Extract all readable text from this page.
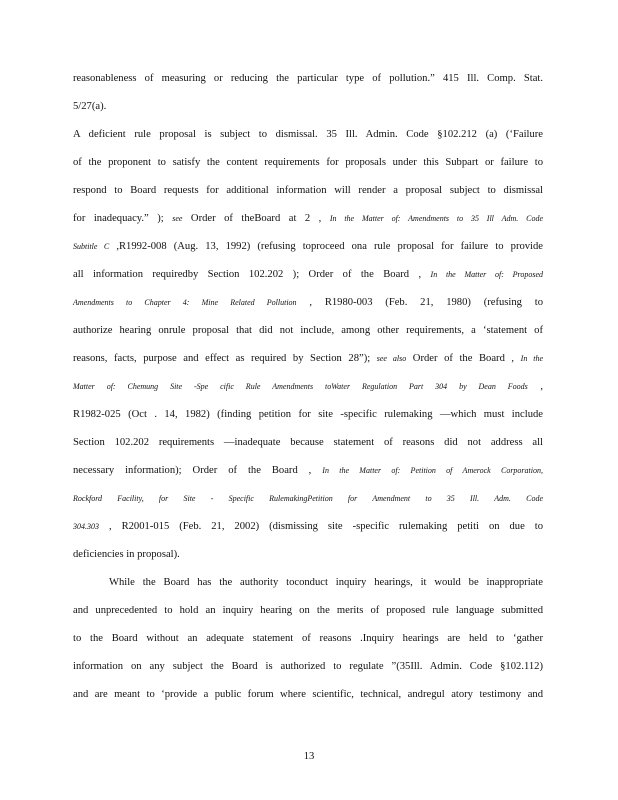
reasonableness of measuring or reducing the particular type of pollution.” 415 Ill. Comp. Stat.
5/27(a).
A deficient rule proposal is subject to dismissal. 35 Ill. Admin. Code §102.212 (a) (‘Failure
of the proponent to satisfy the content requirements for proposals under this Subpart or failure to
respond to Board requests for additional information will render a proposal subject to dismissal
for inadequacy.” ); see Order of theBoard at 2 , In the Matter of: Amendments to 35 Ill Adm. Code
Subtitle C ,R1992-008 (Aug. 13, 1992) (refusing toproceed ona rule proposal for failure to provide
all information requiredby Section 102.202 ); Order of the Board , In the Matter of: Proposed
Amendments to Chapter 4: Mine Related Pollution , R1980-003 (Feb. 21, 1980) (refusing to
authorize hearing onrule proposal that did not include, among other requirements, a ‘statement of
reasons, facts, purpose and effect as required by Section 28”); see also Order of the Board , In the
Matter of: Chemung Site -Spe cific Rule Amendments toWater Regulation Part 304 by Dean Foods ,
R1982-025 (Oct . 14, 1982) (finding petition for site -specific rulemaking —which must include
Section 102.202 requirements —inadequate because statement of reasons did not address all
necessary information); Order of the Board , In the Matter of: Petition of Amerock Corporation,
Rockford Facility, for Site - Specific RulemakingPetition for Amendment to 35 Ill. Adm. Code
304.303 , R2001-015 (Feb. 21, 2002) (dismissing site -specific rulemaking petiti on due to
deficiencies in proposal).
While the Board has the authority toconduct inquiry hearings, it would be inappropriate
and unprecedented to hold an inquiry hearing on the merits of proposed rule language submitted
to the Board without an adequate statement of reasons .Inquiry hearings are held to ‘gather
information on any subject the Board is authorized to regulate ”(35Ill. Admin. Code §102.112)
and are meant to ‘provide a public forum where scientific, technical, andregul atory testimony and
13
